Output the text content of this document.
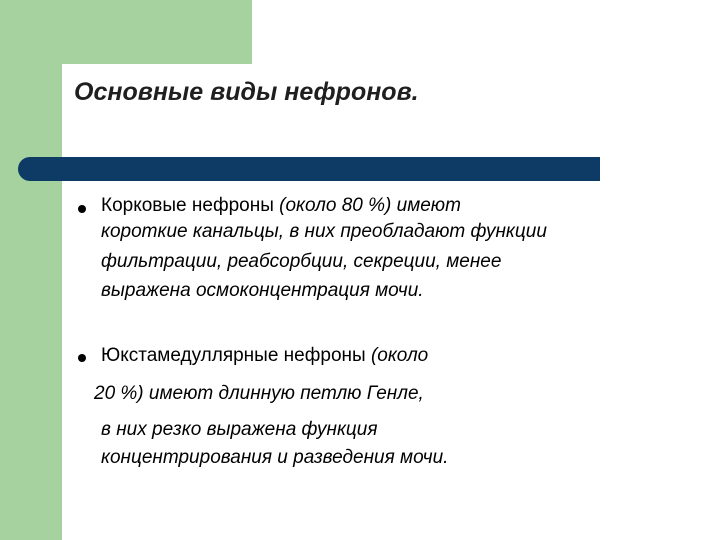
Основные виды нефронов.
Корковые нефроны (около 80 %) имеют
короткие канальцы, в них преобладают функции
фильтрации, реабсорбции, секреции, менее
выражена осмоконцентрация мочи.
Юкстамедуллярные нефроны (около
20 %) имеют длинную петлю Генле,
в них резко выражена функция
концентрирования и разведения мочи.
